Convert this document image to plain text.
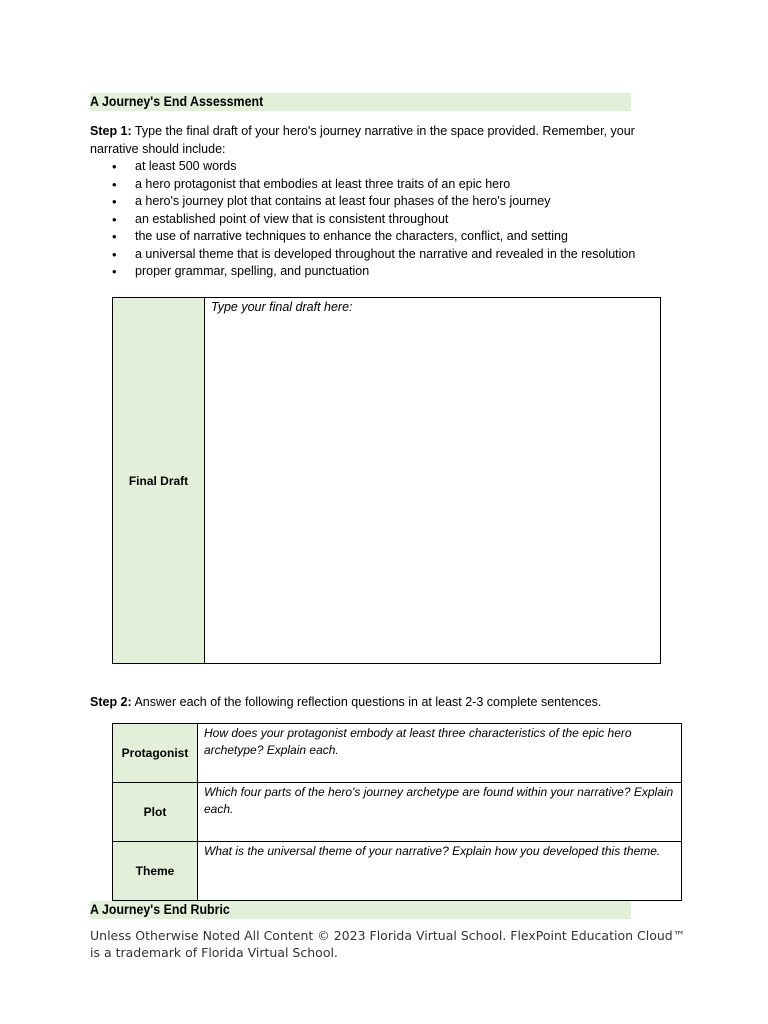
A Journey's End Assessment
Step 1: Type the final draft of your hero's journey narrative in the space provided. Remember, your narrative should include:
• at least 500 words
• a hero protagonist that embodies at least three traits of an epic hero
• a hero's journey plot that contains at least four phases of the hero's journey
• an established point of view that is consistent throughout
• the use of narrative techniques to enhance the characters, conflict, and setting
• a universal theme that is developed throughout the narrative and revealed in the resolution
• proper grammar, spelling, and punctuation
Final Draft	Type your final draft here:
Step 2: Answer each of the following reflection questions in at least 2-3 complete sentences.
Protagonist	How does your protagonist embody at least three characteristics of the epic hero archetype? Explain each.
Plot	Which four parts of the hero's journey archetype are found within your narrative? Explain each.
Theme	What is the universal theme of your narrative? Explain how you developed this theme.
A Journey's End Rubric
Unless Otherwise Noted All Content © 2023 Florida Virtual School. FlexPoint Education Cloud™ is a trademark of Florida Virtual School.
